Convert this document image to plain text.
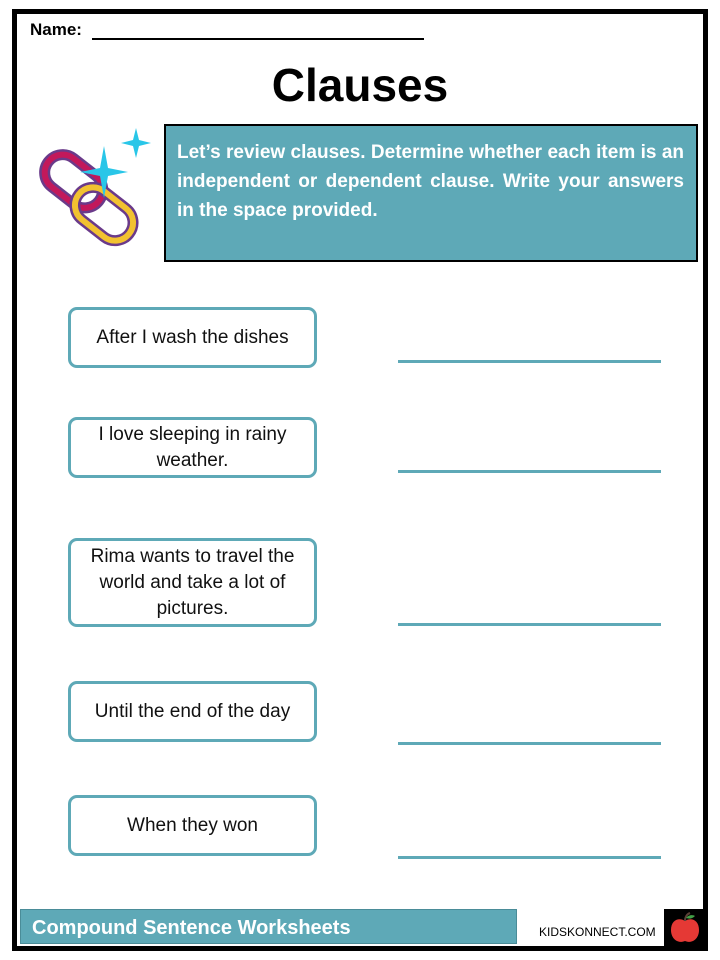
Name:
Clauses
Let’s review clauses. Determine whether each item is an independent or dependent clause. Write your answers in the space provided.
After I wash the dishes
I love sleeping in rainy weather.
Rima wants to travel the world and take a lot of pictures.
Until the end of the day
When they won
Compound Sentence Worksheets	KIDSKONNECT.COM
